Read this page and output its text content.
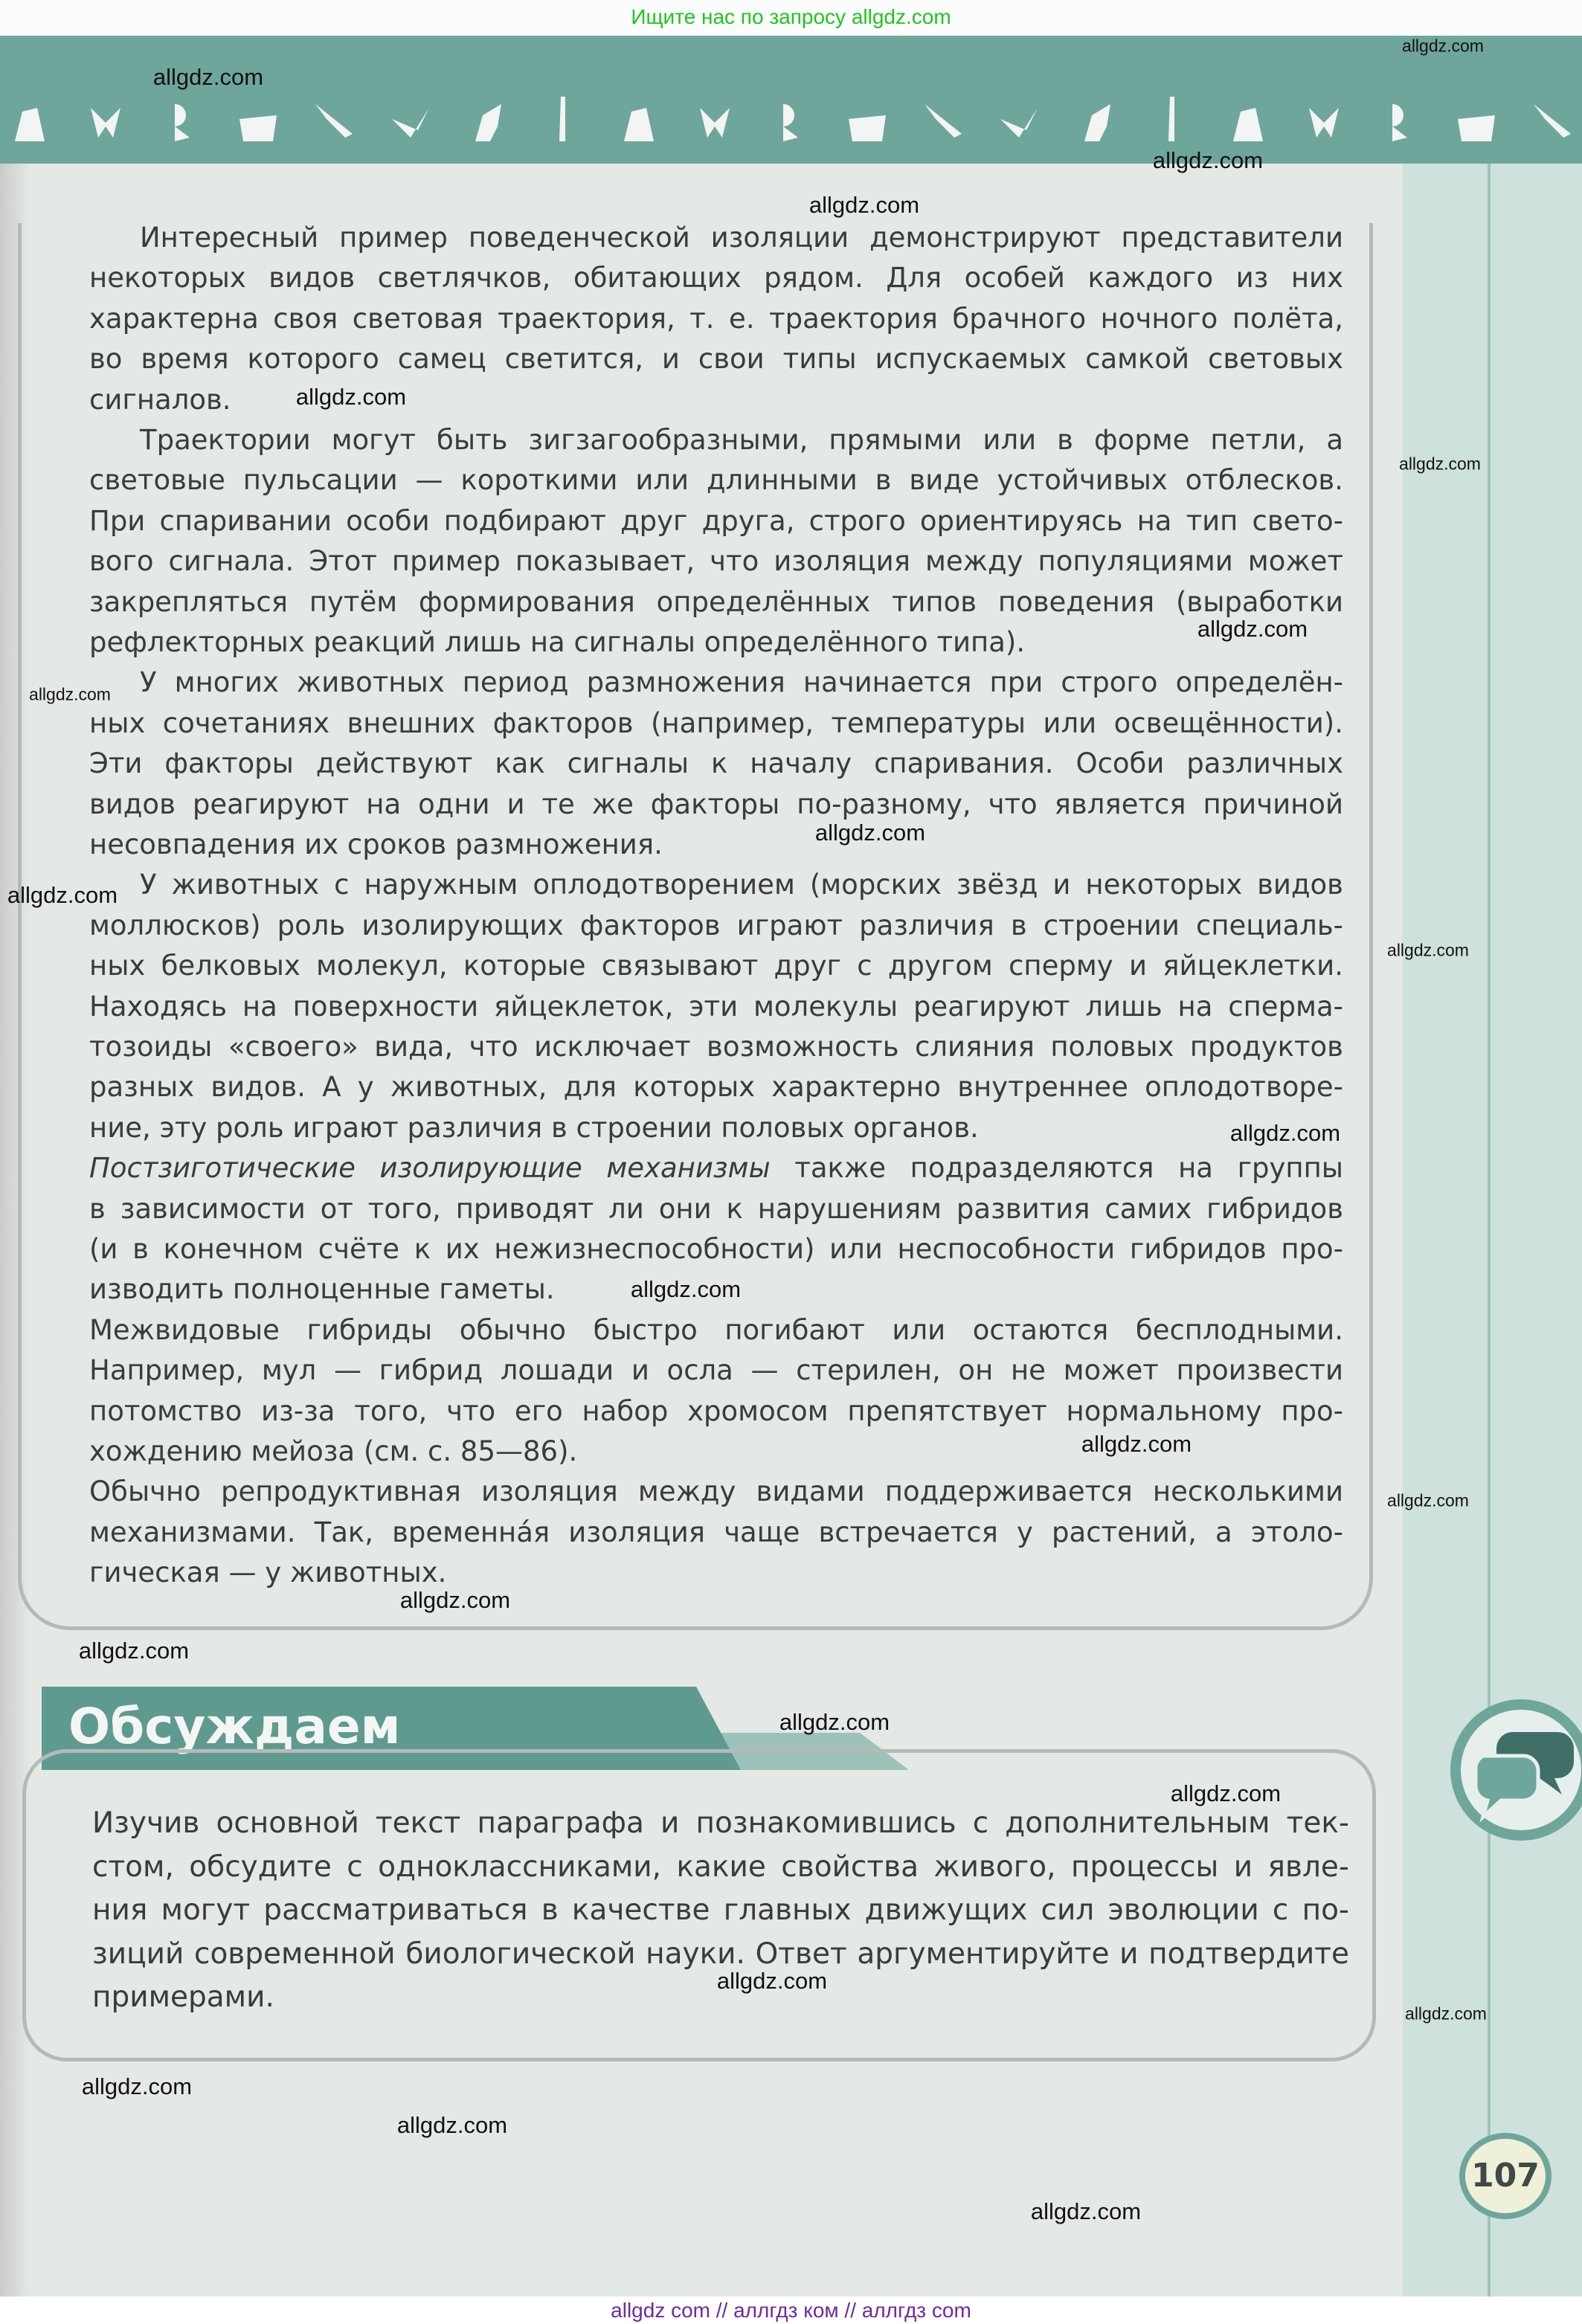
Ищите нас по запросу allgdz.com
Интересный пример поведенческой изоляции демонстрируют представители
некоторых видов светлячков, обитающих рядом. Для особей каждого из них
характерна своя световая траектория, т. е. траектория брачного ночного полёта,
во время которого самец светится, и свои типы испускаемых самкой световых
сигналов.
Траектории могут быть зигзагообразными, прямыми или в форме петли, а
световые пульсации — короткими или длинными в виде устойчивых отблесков.
При спаривании особи подбирают друг друга, строго ориентируясь на тип свето-
вого сигнала. Этот пример показывает, что изоляция между популяциями может
закрепляться путём формирования определённых типов поведения (выработки
рефлекторных реакций лишь на сигналы определённого типа).
У многих животных период размножения начинается при строго определён-
ных сочетаниях внешних факторов (например, температуры или освещённости).
Эти факторы действуют как сигналы к началу спаривания. Особи различных
видов реагируют на одни и те же факторы по-разному, что является причиной
несовпадения их сроков размножения.
У животных с наружным оплодотворением (морских звёзд и некоторых видов
моллюсков) роль изолирующих факторов играют различия в строении специаль-
ных белковых молекул, которые связывают друг с другом сперму и яйцеклетки.
Находясь на поверхности яйцеклеток, эти молекулы реагируют лишь на сперма-
тозоиды «своего» вида, что исключает возможность слияния половых продуктов
разных видов. А у животных, для которых характерно внутреннее оплодотворе-
ние, эту роль играют различия в строении половых органов.
Постзиготические изолирующие механизмы также подразделяются на группы
в зависимости от того, приводят ли они к нарушениям развития самих гибридов
(и в конечном счёте к их нежизнеспособности) или неспособности гибридов про-
изводить полноценные гаметы.
Межвидовые гибриды обычно быстро погибают или остаются бесплодными.
Например, мул — гибрид лошади и осла — стерилен, он не может произвести
потомство из-за того, что его набор хромосом препятствует нормальному про-
хождению мейоза (см. с. 85—86).
Обычно репродуктивная изоляция между видами поддерживается несколькими
механизмами. Так, временна́я изоляция чаще встречается у растений, а этоло-
гическая — у животных.
Обсуждаем
Изучив основной текст параграфа и познакомившись с дополнительным тек-
стом, обсудите с одноклассниками, какие свойства живого, процессы и явле-
ния могут рассматриваться в качестве главных движущих сил эволюции с по-
зиций современной биологической науки. Ответ аргументируйте и подтвердите
примерами.
107
allgdz com // аллгдз ком // аллгдз com
allgdz.com
allgdz.com
allgdz.com
allgdz.com
allgdz.com
allgdz.com
allgdz.com
allgdz.com
allgdz.com
allgdz.com
allgdz.com
allgdz.com
allgdz.com
allgdz.com
allgdz.com
allgdz.com
allgdz.com
allgdz.com
allgdz.com
allgdz.com
allgdz.com
allgdz.com
allgdz.com
allgdz.com
